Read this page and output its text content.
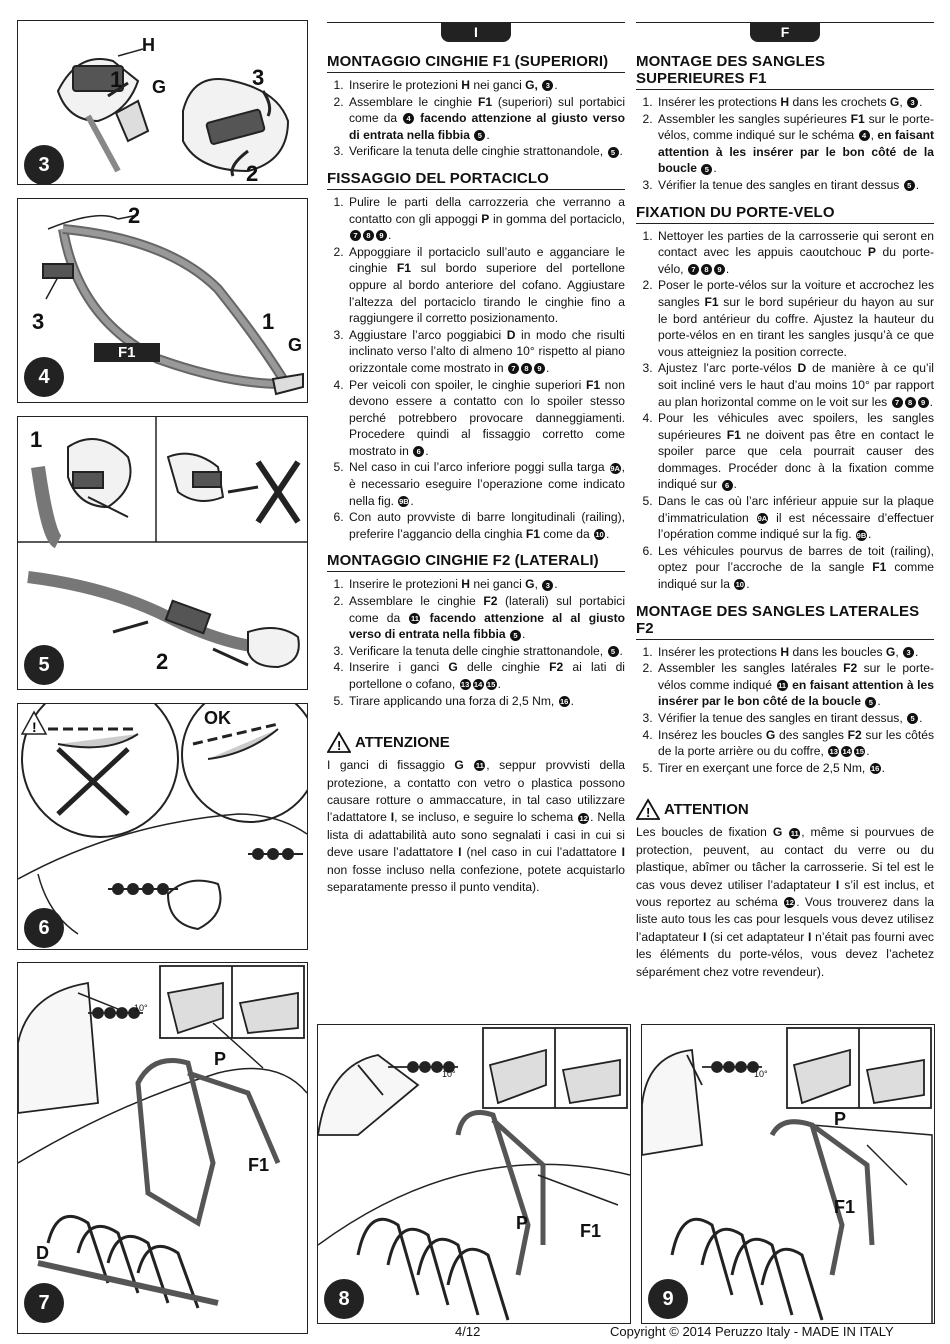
H
1 G	3
2
3
2
3	1
G
F1
4
1
2
5
!	OK
6
10°
P
F1
D
7
10°
P	F1
8
10°
P
F1
9
I
MONTAGGIO CINGHIE F1 (SUPERIORI)
1. Inserire le protezioni H nei ganci G, 3 .
2. Assemblare le cinghie F1 (superiori) sul portabici come da 4 facendo attenzione al giusto verso di entrata nella fibbia 5 .
3. Verificare la tenuta delle cinghie strattonandole, 5 .
FISSAGGIO DEL PORTACICLO
1. Pulire le parti della carrozzeria che verranno a contatto con gli appoggi P in gomma del portaciclo, 7 8 9 .
2. Appoggiare il portaciclo sull’auto e agganciare le cinghie F1 sul bordo superiore del portellone oppure al bordo anteriore del cofano. Aggiustare l’altezza del portaciclo tirando le cinghie fino a raggiungere il corretto posizionamento.
3. Aggiustare l’arco poggiabici D in modo che risulti inclinato verso l’alto di almeno 10° rispetto al piano orizzontale come mostrato in 7 8 9 .
4. Per veicoli con spoiler, le cinghie superiori F1 non devono essere a contatto con lo spoiler stesso perché potrebbero provocare danneggiamenti. Procedere quindi al fissaggio corretto come mostrato in 6 .
5. Nel caso in cui l’arco inferiore poggi sulla targa 9A , è necessario eseguire l’operazione come indicato nella fig. 9B .
6. Con auto provviste di barre longitudinali (railing), preferire l’aggancio della cinghia F1 come da 10 .
MONTAGGIO CINGHIE F2 (LATERALI)
1. Inserire le protezioni H nei ganci G, 3 .
2. Assemblare le cinghie F2 (laterali) sul portabici come da 11 facendo attenzione al al giusto verso di entrata nella fibbia 5 .
3. Verificare la tenuta delle cinghie strattonandole, 5 .
4. Inserire i ganci G delle cinghie F2 ai lati di portellone o cofano, 13 14 15 .
5. Tirare applicando una forza di 2,5 Nm, 16 .
! ATTENZIONE

I ganci di fissaggio G 11 , seppur provvisti della protezione, a contatto con vetro o plastica possono causare rotture o ammaccature, in tal caso utilizzare l’adattatore I, se incluso, e seguire lo schema 12 . Nella lista di adattabilità auto sono segnalati i casi in cui si deve usare l’adattatore I (nel caso in cui l’adattatore I non fosse incluso nella confezione, potete acquistarlo separatamente presso il punto vendita).

F
MONTAGE DES SANGLES SUPERIEURES F1
1. Insérer les protections H dans les crochets G, 3 .
2. Assembler les sangles supérieures F1 sur le porte-vélos, comme indiqué sur le schéma 4 , en faisant attention à les insérer par le bon côté de la boucle 5 .
3. Vérifier la tenue des sangles en tirant dessus 5 .
FIXATION DU PORTE-VELO
1. Nettoyer les parties de la carrosserie qui seront en contact avec les appuis caoutchouc P du porte-vélo, 7 8 9 .
2. Poser le porte-vélos sur la voiture et accrochez les sangles F1 sur le bord supérieur du hayon au sur le bord antérieur du coffre. Ajustez la hauteur du porte-vélos en en tirant les sangles jusqu’à ce que vous atteigniez la position correcte.
3. Ajustez l’arc porte-vélos D de manière à ce qu’il soit incliné vers le haut d’au moins 10° par rapport au plan horizontal comme on le voit sur les 7 8 9 .
4. Pour les véhicules avec spoilers, les sangles supérieures F1 ne doivent pas être en contact le spoiler parce que cela pourrait causer des dommages. Procéder donc à la fixation comme indiqué sur 6 .
5. Dans le cas où l’arc inférieur appuie sur la plaque d’immatriculation 9A il est nécessaire d’effectuer l’opération comme indiqué sur la fig. 9B .
6. Les véhicules pourvus de barres de toit (railing), optez pour l’accroche de la sangle F1 comme indiqué sur la 10 .
MONTAGE DES SANGLES LATERALES F2
1. Insérer les protections H dans les boucles G, 3 .
2. Assembler les sangles latérales F2 sur le porte-vélos comme indiqué 11 en faisant attention à les insérer par le bon côté de la boucle 5 .
3. Vérifier la tenue des sangles en tirant dessus, 5 .
4. Insérez les boucles G des sangles F2 sur les côtés de la porte arrière ou du coffre, 13 14 15 .
5. Tirer en exerçant une force de 2,5 Nm, 16 .
! ATTENTION

Les boucles de fixation G 11 , même si pourvues de protection, peuvent, au contact du verre ou du plastique, abîmer ou tâcher la carrosserie. Si tel est le cas vous devez utiliser l’adaptateur I s’il est inclus, et vous reportez au schéma 12 . Vous trouverez dans la liste auto tous les cas pour lesquels vous devez utilisez l’adaptateur I (si cet adaptateur I n’était pas fourni avec les éléments du porte-vélos, vous devez l’achetez séparément chez votre revendeur).

4/12	Copyright © 2014 Peruzzo Italy - MADE IN ITALY
